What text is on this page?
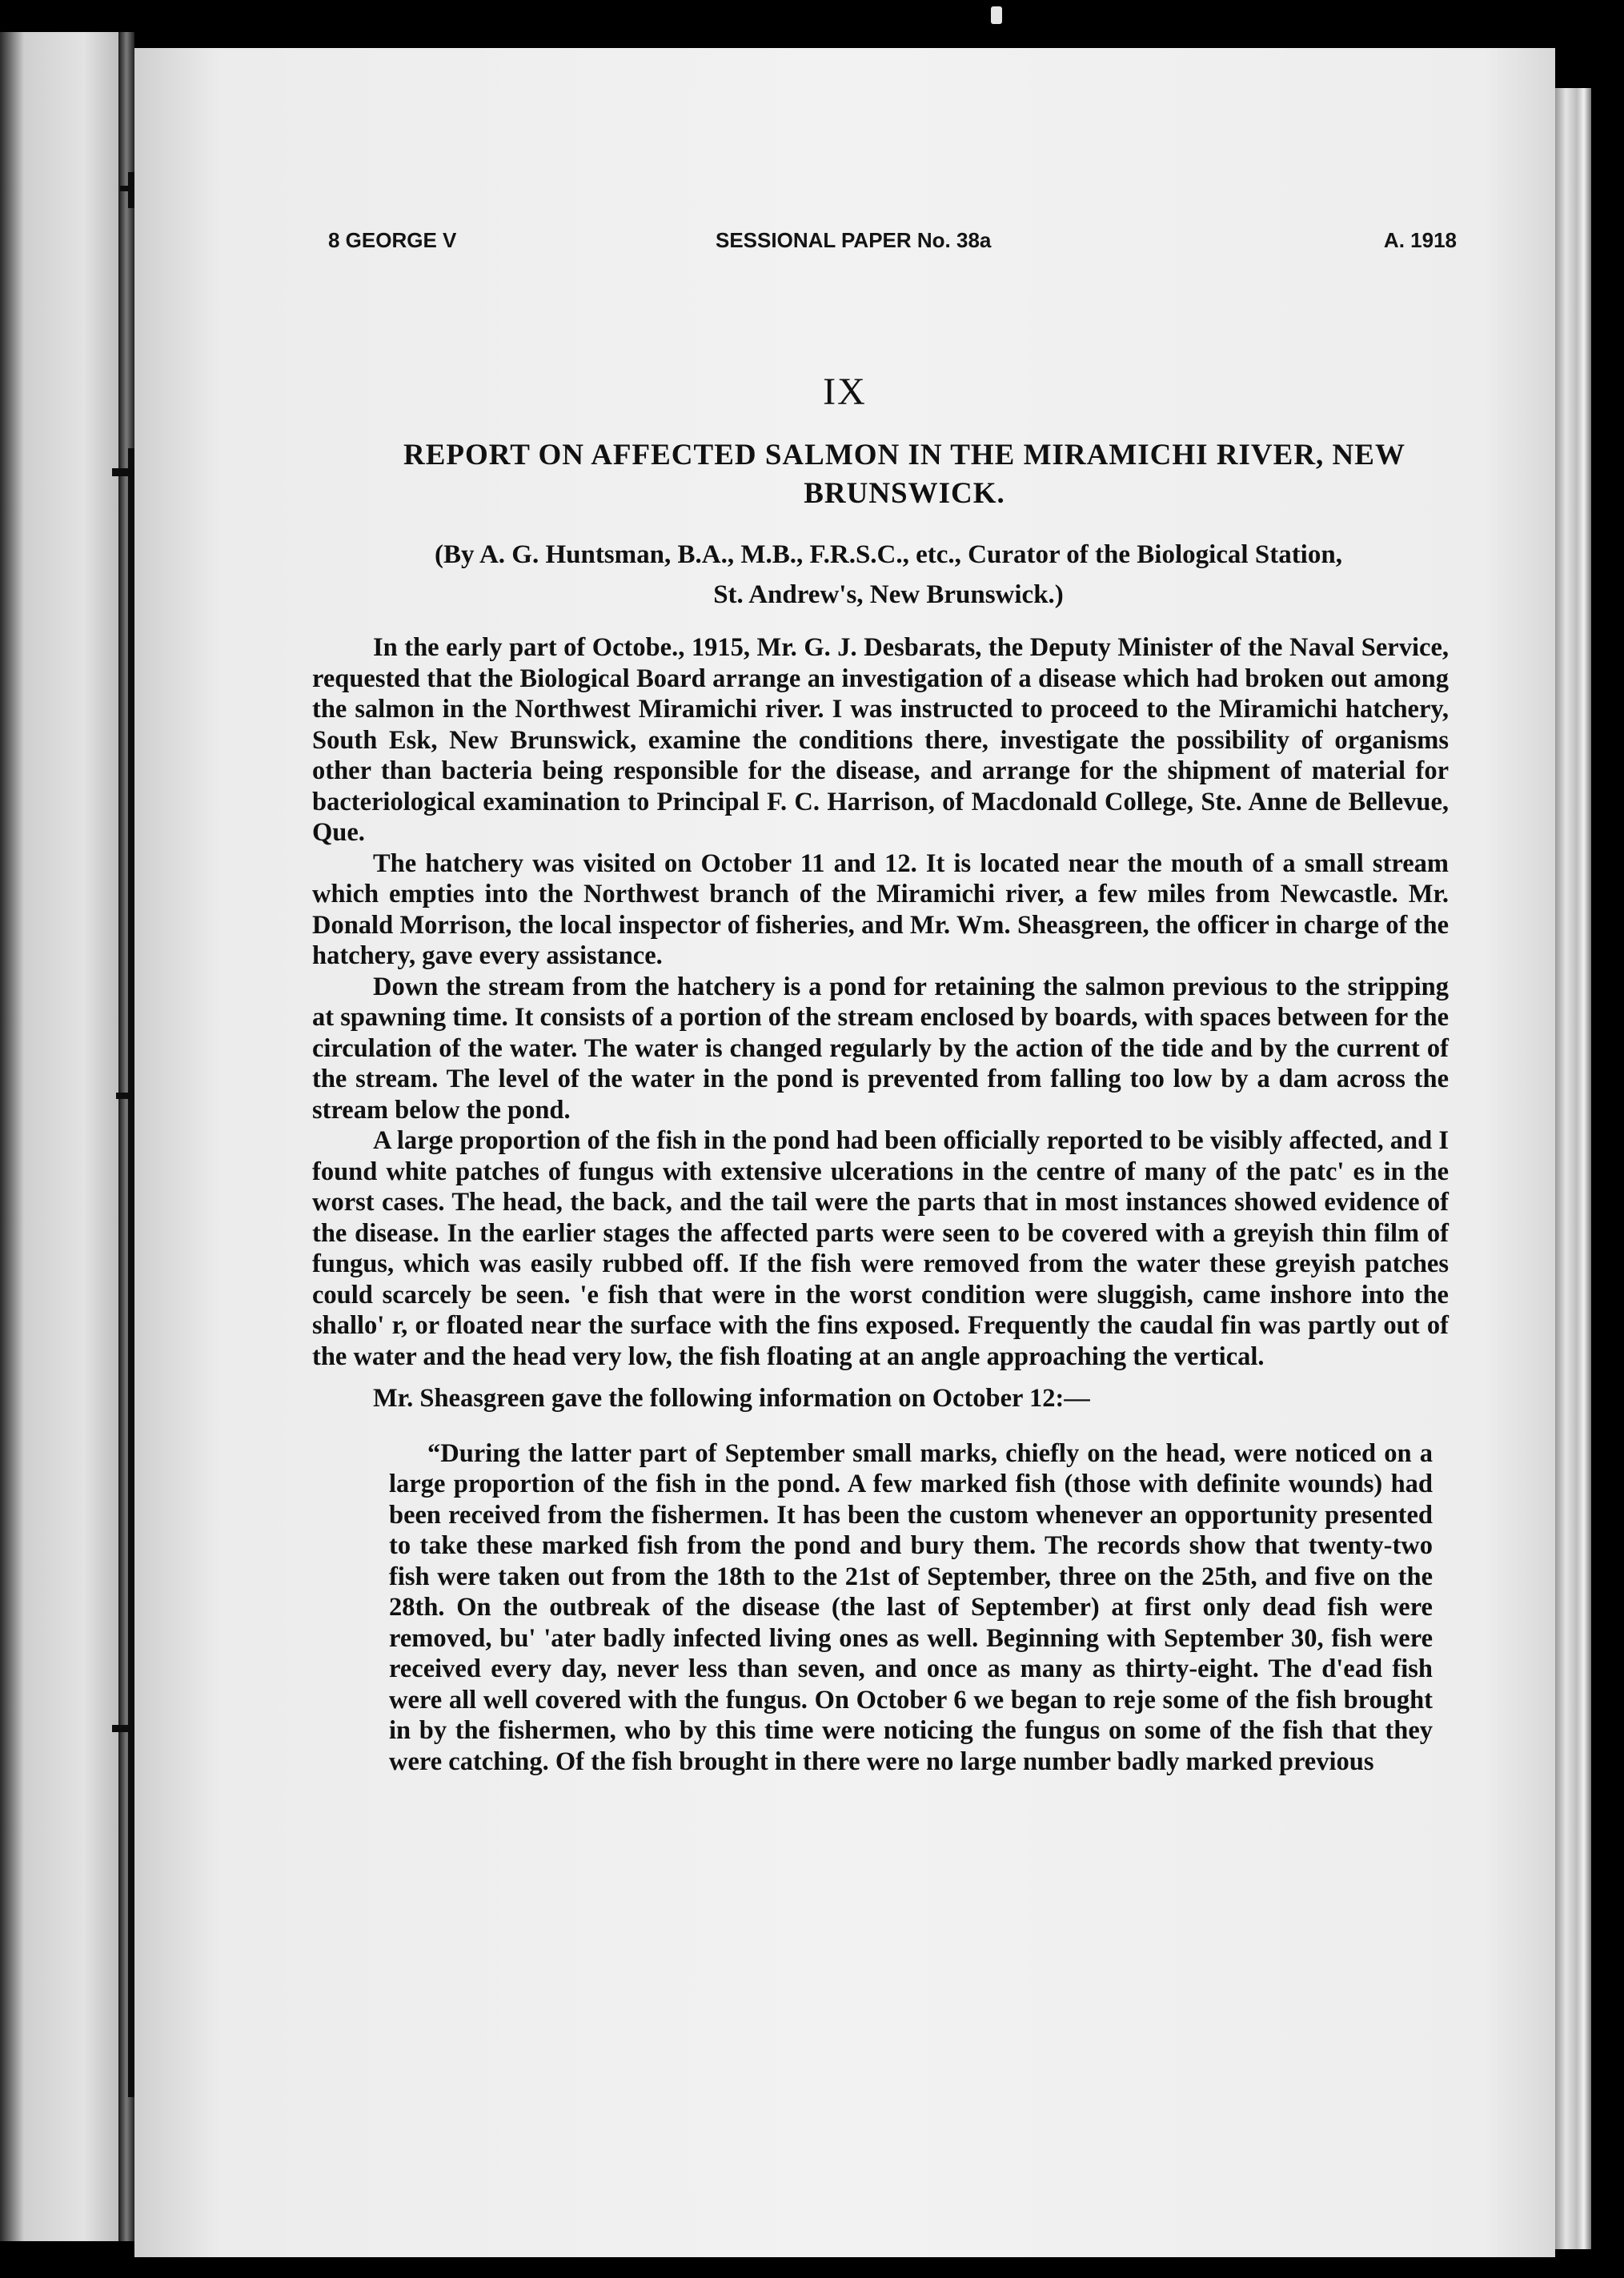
8 GEORGE V	SESSIONAL PAPER No. 38a	A. 1918
IX
REPORT ON AFFECTED SALMON IN THE MIRAMICHI RIVER, NEW BRUNSWICK.
(By A. G. Huntsman, B.A., M.B., F.R.S.C., etc., Curator of the Biological Station,
St. Andrew's, New Brunswick.)

In the early part of Octobe., 1915, Mr. G. J. Desbarats, the Deputy Minister of the Naval Service, requested that the Biological Board arrange an investigation of a disease which had broken out among the salmon in the Northwest Miramichi river. I was instructed to proceed to the Miramichi hatchery, South Esk, New Brunswick, examine the conditions there, investigate the possibility of organisms other than bacteria being responsible for the disease, and arrange for the shipment of material for bacteriological examination to Principal F. C. Harrison, of Macdonald College, Ste. Anne de Bellevue, Que.

The hatchery was visited on October 11 and 12. It is located near the mouth of a small stream which empties into the Northwest branch of the Miramichi river, a few miles from Newcastle. Mr. Donald Morrison, the local inspector of fisheries, and Mr. Wm. Sheasgreen, the officer in charge of the hatchery, gave every assistance.

Down the stream from the hatchery is a pond for retaining the salmon previous to the stripping at spawning time. It consists of a portion of the stream enclosed by boards, with spaces between for the circulation of the water. The water is changed regularly by the action of the tide and by the current of the stream. The level of the water in the pond is prevented from falling too low by a dam across the stream below the pond.

A large proportion of the fish in the pond had been officially reported to be visibly affected, and I found white patches of fungus with extensive ulcerations in the centre of many of the patc' es in the worst cases. The head, the back, and the tail were the parts that in most instances showed evidence of the disease. In the earlier stages the affected parts were seen to be covered with a greyish thin film of fungus, which was easily rubbed off. If the fish were removed from the water these greyish patches could scarcely be seen. 'e fish that were in the worst condition were sluggish, came inshore into the shallo' r, or floated near the surface with the fins exposed. Frequently the caudal fin was partly out of the water and the head very low, the fish floating at an angle approaching the vertical.

Mr. Sheasgreen gave the following information on October 12:—

“During the latter part of September small marks, chiefly on the head, were noticed on a large proportion of the fish in the pond. A few marked fish (those with definite wounds) had been received from the fishermen. It has been the custom whenever an opportunity presented to take these marked fish from the pond and bury them. The records show that twenty-two fish were taken out from the 18th to the 21st of September, three on the 25th, and five on the 28th. On the outbreak of the disease (the last of September) at first only dead fish were removed, bu' 'ater badly infected living ones as well. Beginning with September 30, fish were received every day, never less than seven, and once as many as thirty-eight. The d'ead fish were all well covered with the fungus. On October 6 we began to reje some of the fish brought in by the fishermen, who by this time were noticing the fungus on some of the fish that they were catching. Of the fish brought in there were no large number badly marked previous
